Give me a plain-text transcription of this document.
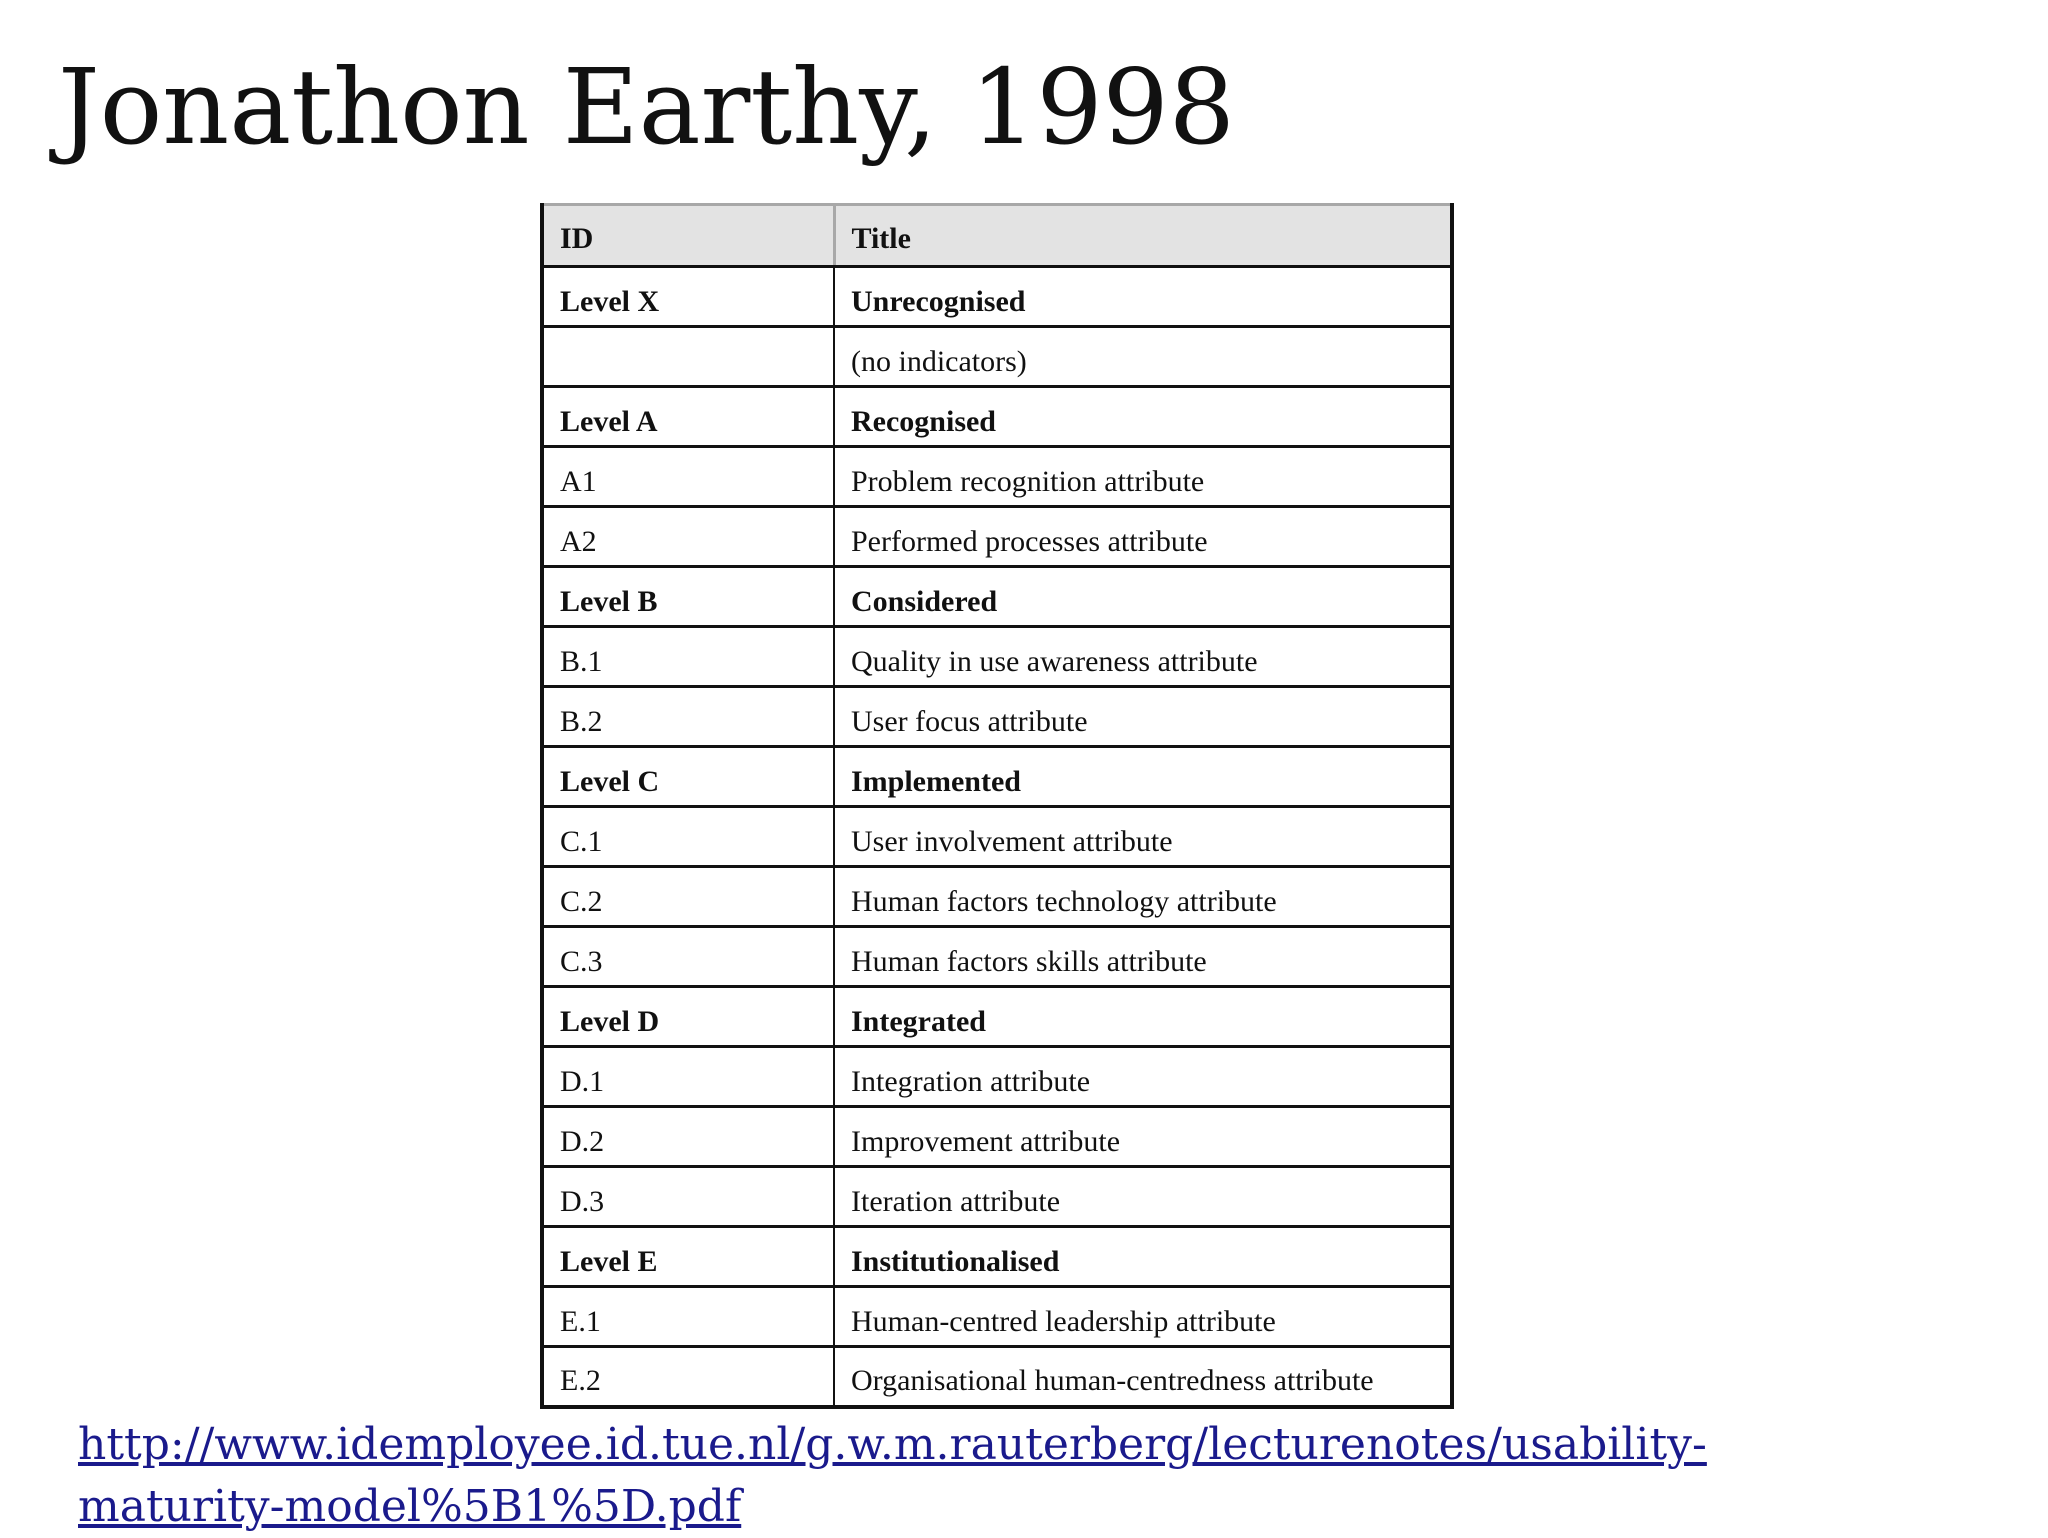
Jonathon Earthy, 1998
ID	Title
Level X	Unrecognised
	(no indicators)
Level A	Recognised
A1	Problem recognition attribute
A2	Performed processes attribute
Level B	Considered
B.1	Quality in use awareness attribute
B.2	User focus attribute
Level C	Implemented
C.1	User involvement attribute
C.2	Human factors technology attribute
C.3	Human factors skills attribute
Level D	Integrated
D.1	Integration attribute
D.2	Improvement attribute
D.3	Iteration attribute
Level E	Institutionalised
E.1	Human-centred leadership attribute
E.2	Organisational human-centredness attribute
http://www.idemployee.id.tue.nl/g.w.m.rauterberg/lecturenotes/usability-
maturity-model%5B1%5D.pdf
